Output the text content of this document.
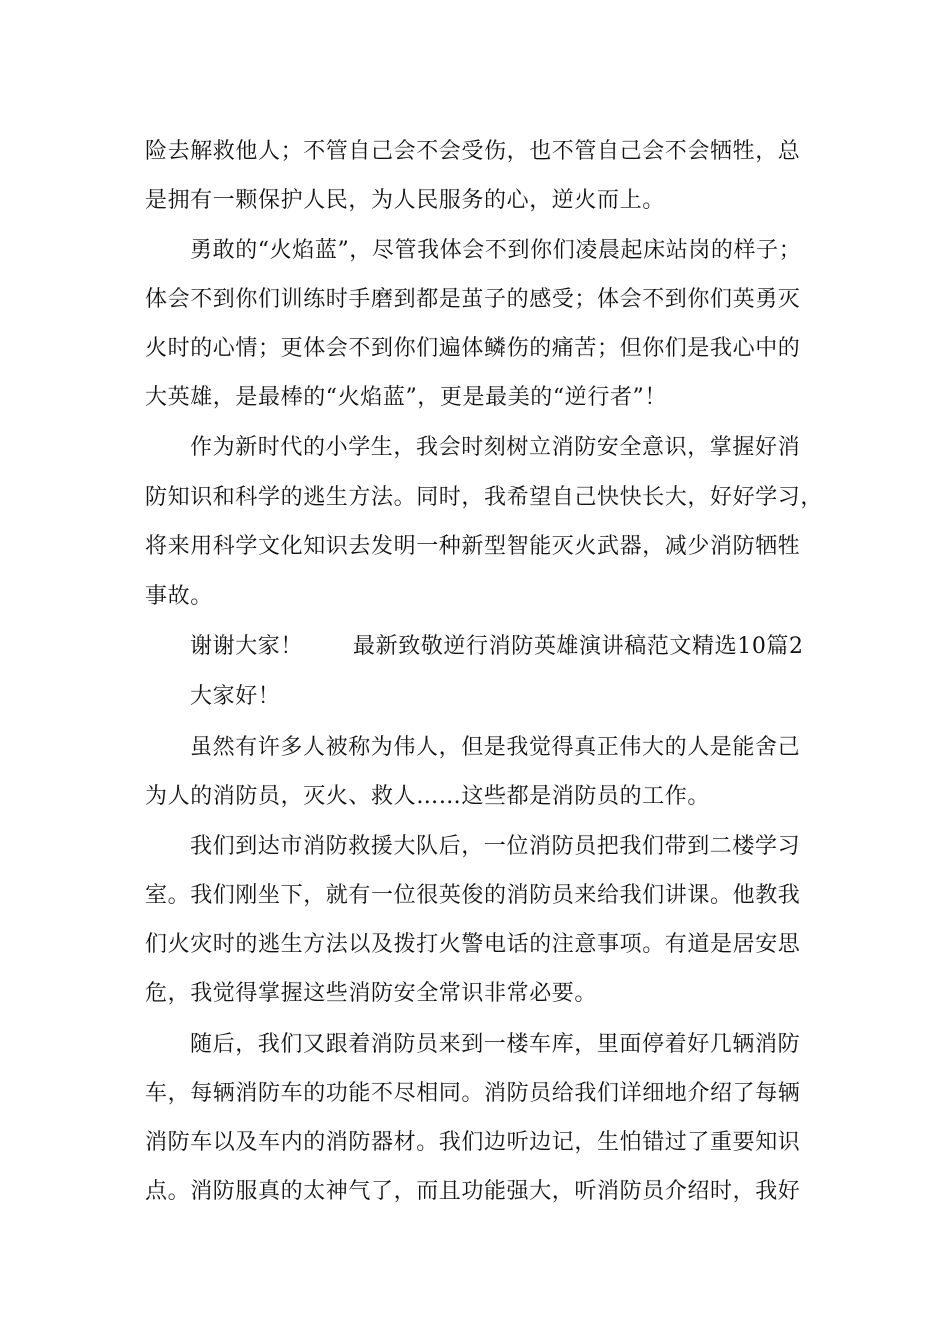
险去解救他人；不管自己会不会受伤，也不管自己会不会牺牲，总
是拥有一颗保护人民，为人民服务的心，逆火而上。
勇敢的“火焰蓝”，尽管我体会不到你们凌晨起床站岗的样子；
体会不到你们训练时手磨到都是茧子的感受；体会不到你们英勇灭
火时的心情；更体会不到你们遍体鳞伤的痛苦；但你们是我心中的
大英雄，是最棒的“火焰蓝”，更是最美的“逆行者”！
作为新时代的小学生，我会时刻树立消防安全意识，掌握好消
防知识和科学的逃生方法。同时，我希望自己快快长大，好好学习，
将来用科学文化知识去发明一种新型智能灭火武器，减少消防牺牲
事故。
谢谢大家！ 最新致敬逆行消防英雄演讲稿范文精选10篇2
大家好！
虽然有许多人被称为伟人，但是我觉得真正伟大的人是能舍己
为人的消防员，灭火、救人……这些都是消防员的工作。
我们到达市消防救援大队后，一位消防员把我们带到二楼学习
室。我们刚坐下，就有一位很英俊的消防员来给我们讲课。他教我
们火灾时的逃生方法以及拨打火警电话的注意事项。有道是居安思
危，我觉得掌握这些消防安全常识非常必要。
随后，我们又跟着消防员来到一楼车库，里面停着好几辆消防
车，每辆消防车的功能不尽相同。消防员给我们详细地介绍了每辆
消防车以及车内的消防器材。我们边听边记，生怕错过了重要知识
点。消防服真的太神气了，而且功能强大，听消防员介绍时，我好
